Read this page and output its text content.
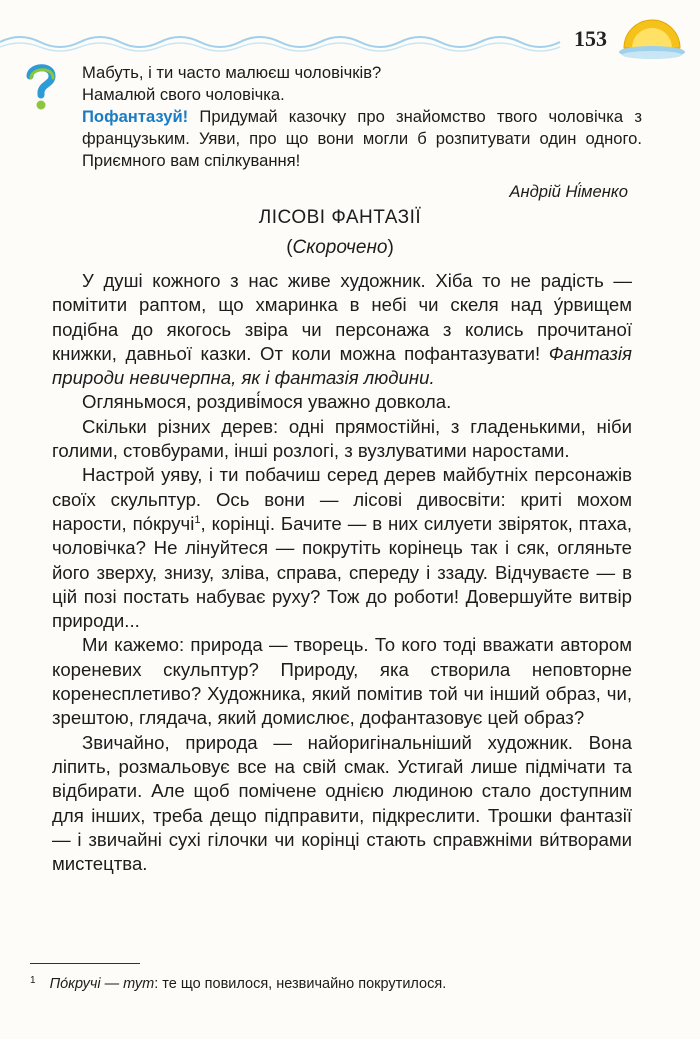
153

Мабуть, і ти часто малюєш чоловічків?

Намалюй свого чоловічка.

Пофантазуй! Придумай казочку про знайомство твого чоловічка з французьким. Уяви, про що вони могли б розпитувати один одного. Приємного вам спілкування!

Андрій Ні́менко
ЛІСОВІ ФАНТАЗІЇ
(Скорочено)

У душі кожного з нас живе художник. Хіба то не радість — помітити раптом, що хмаринка в небі чи скеля над у́рвищем подібна до якогось звіра чи персонажа з колись прочитаної книжки, давньої казки. От коли можна пофантазувати! Фантазія природи невичерпна, як і фантазія людини.

Огляньмося, роздиві́мося уважно довкола.

Скільки різних дерев: одні прямостійні, з гладенькими, ніби голими, стовбурами, інші розлогі, з вузлуватими наростами.

Настрой уяву, і ти побачиш серед дерев майбутніх персонажів своїх скульптур. Ось вони — лісові дивосвіти: криті мохом нарости, по́кручі$^1$, корінці. Бачите — в них силуети звіряток, птаха, чоловічка? Не лінуйтеся — покрутіть корінець так і сяк, огляньте його зверху, знизу, зліва, справа, спереду і ззаду. Відчуваєте — в цій позі постать набуває руху? Тож до роботи! Довершуйте витвір природи...

Ми кажемо: природа — творець. То кого тоді вважати автором кореневих скульптур? Природу, яка створила неповторне коренесплетиво? Художника, який помітив той чи інший образ, чи, зрештою, глядача, який домислює, дофантазовує цей образ?

Звичайно, природа — найоригінальніший художник. Вона ліпить, розмальовує все на свій смак. Устигай лише підмічати та відбирати. Але щоб помічене однією людиною стало доступним для інших, треба дещо підправити, підкреслити. Трошки фантазії — і звичайні сухі гілочки чи корінці стають справжніми ви́творами мистецтва.

$^1$ По́кручі — тут: те що повилося, незвичайно покрутилося.
